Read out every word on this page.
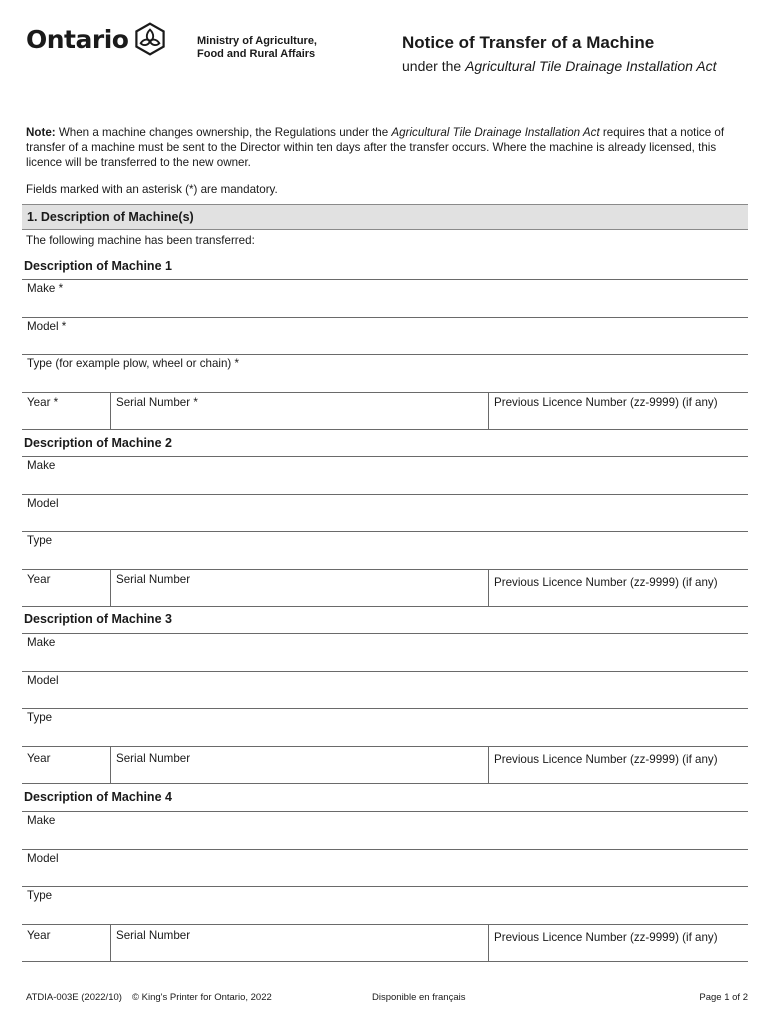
Ontario	Ministry of Agriculture,
Food and Rural Affairs
Notice of Transfer of a Machine
under the Agricultural Tile Drainage Installation Act
Note: When a machine changes ownership, the Regulations under the Agricultural Tile Drainage Installation Act requires that a notice of transfer of a machine must be sent to the Director within ten days after the transfer occurs. Where the machine is already licensed, this licence will be transferred to the new owner.
Fields marked with an asterisk (*) are mandatory.
1. Description of Machine(s)
The following machine has been transferred:
Description of Machine 1
Make *
Model *
Type (for example plow, wheel or chain) *
Year *	Serial Number *	Previous Licence Number (zz-9999) (if any)
Description of Machine 2
Make
Model
Type
Year	Serial Number	Previous Licence Number (zz-9999) (if any)
Description of Machine 3
Make
Model
Type
Year	Serial Number	Previous Licence Number (zz-9999) (if any)
Description of Machine 4
Make
Model
Type
Year	Serial Number	Previous Licence Number (zz-9999) (if any)
ATDIA-003E (2022/10) © King's Printer for Ontario, 2022	Disponible en français	Page 1 of 2
